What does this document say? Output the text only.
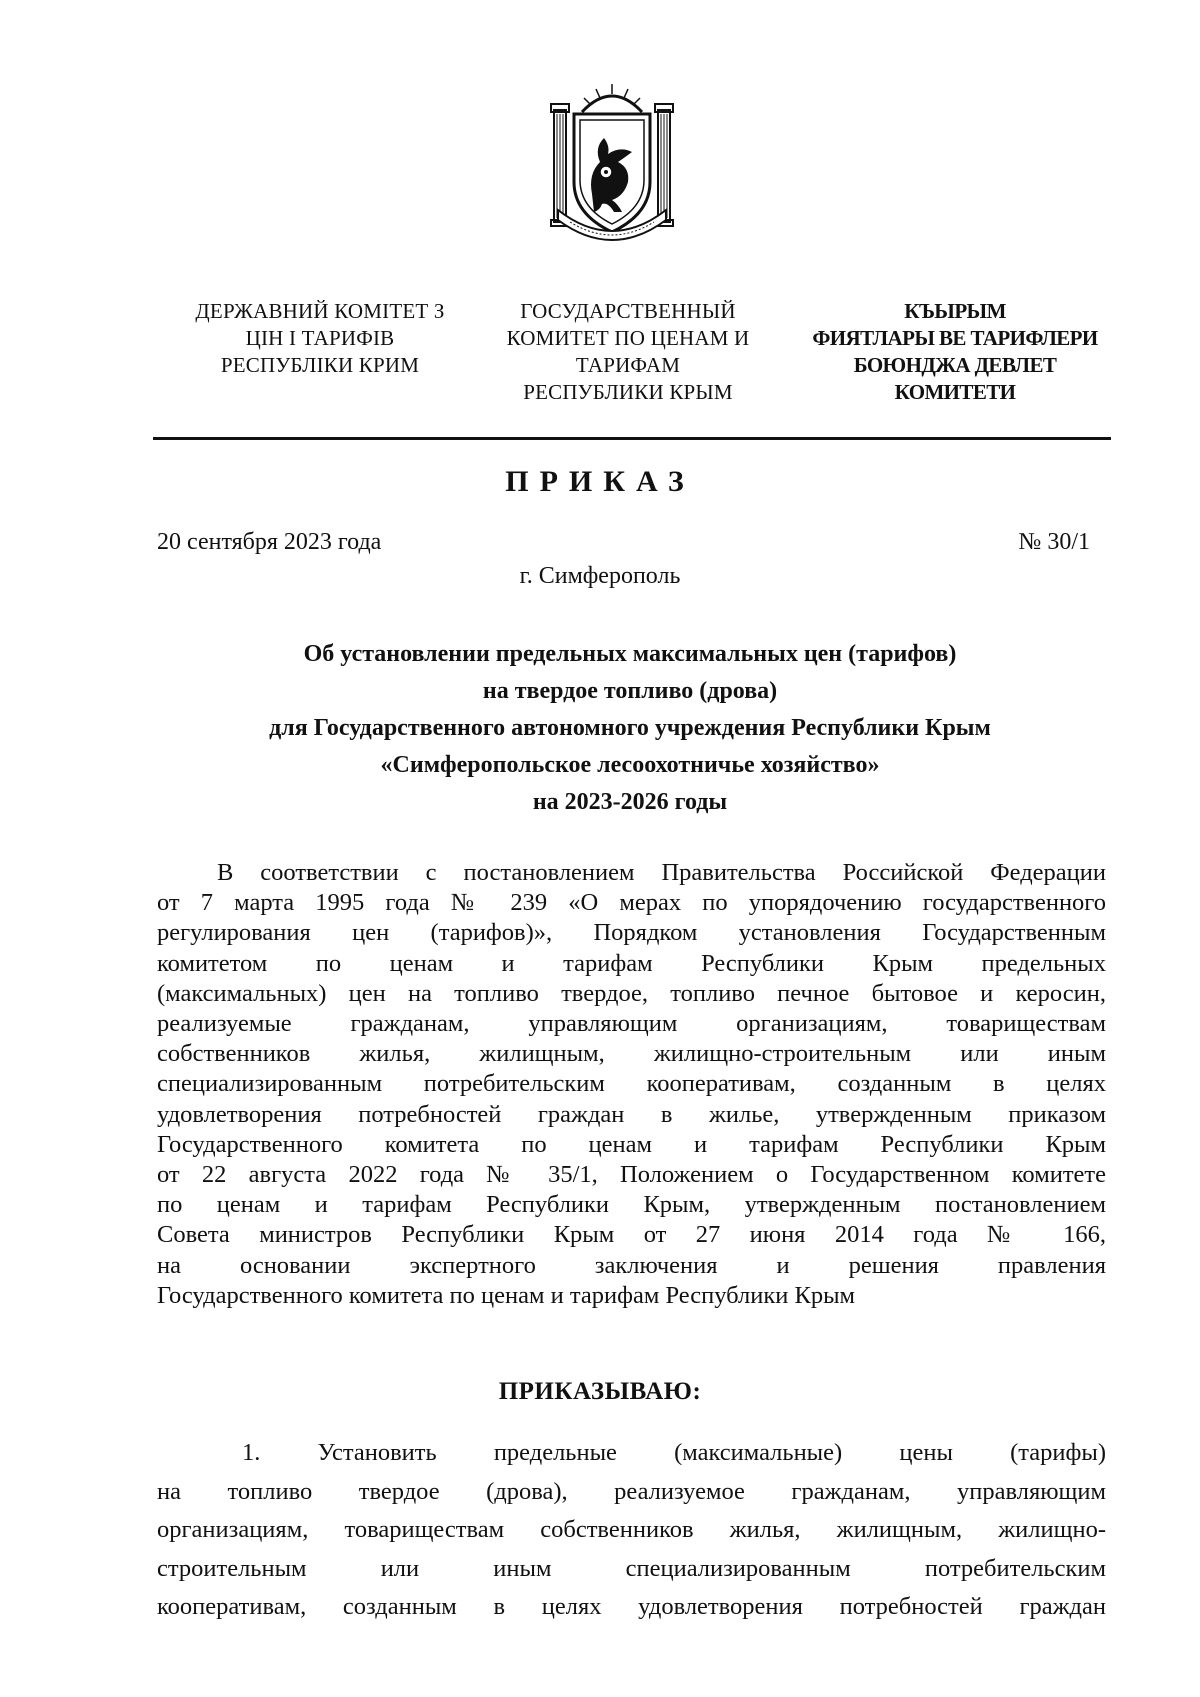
ДЕРЖАВНИЙ КОМІТЕТ З
ЦІН І ТАРИФІВ
РЕСПУБЛІКИ КРИМ
ГОСУДАРСТВЕННЫЙ
КОМИТЕТ ПО ЦЕНАМ И
ТАРИФАМ
РЕСПУБЛИКИ КРЫМ
КЪЫРЫМ
ФИЯТЛАРЫ ВЕ ТАРИФЛЕРИ
БОЮНДЖА ДЕВЛЕТ
КОМИТЕТИ
ПРИКАЗ
20 сентября 2023 года	№ 30/1
г. Симферополь
Об установлении предельных максимальных цен (тарифов)
на твердое топливо (дрова)
для Государственного автономного учреждения Республики Крым
«Симферопольское лесоохотничье хозяйство»
на 2023-2026 годы
В соответствии с постановлением Правительства Российской Федерации
от 7 марта 1995 года № 239 «О мерах по упорядочению государственного
регулирования цен (тарифов)», Порядком установления Государственным
комитетом по ценам и тарифам Республики Крым предельных
(максимальных) цен на топливо твердое, топливо печное бытовое и керосин,
реализуемые гражданам, управляющим организациям, товариществам
собственников жилья, жилищным, жилищно-строительным или иным
специализированным потребительским кооперативам, созданным в целях
удовлетворения потребностей граждан в жилье, утвержденным приказом
Государственного комитета по ценам и тарифам Республики Крым
от 22 августа 2022 года № 35/1, Положением о Государственном комитете
по ценам и тарифам Республики Крым, утвержденным постановлением
Совета министров Республики Крым от 27 июня 2014 года № 166,
на основании экспертного заключения и решения правления
Государственного комитета по ценам и тарифам Республики Крым
ПРИКАЗЫВАЮ:
1. Установить предельные (максимальные) цены (тарифы)
на топливо твердое (дрова), реализуемое гражданам, управляющим
организациям, товариществам собственников жилья, жилищным, жилищно-
строительным или иным специализированным потребительским
кооперативам, созданным в целях удовлетворения потребностей граждан
